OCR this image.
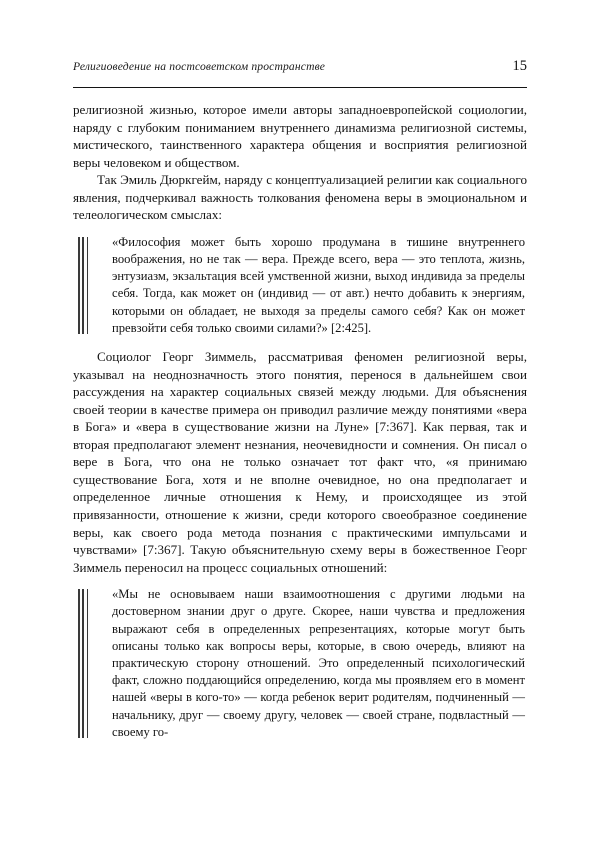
Религиоведение на постсоветском пространстве	15

религиозной жизнью, которое имели авторы западноевропейской социологии, наряду с глубоким пониманием внутреннего динамизма религиозной системы, мистического, таинственного характера общения и восприятия религиозной веры человеком и обществом.

Так Эмиль Дюркгейм, наряду с концептуализацией религии как социального явления, подчеркивал важность толкования феномена веры в эмоциональном и телеологическом смыслах:

«Философия может быть хорошо продумана в тишине внутреннего воображения, но не так — вера. Прежде всего, вера — это теплота, жизнь, энтузиазм, экзальтация всей умственной жизни, выход индивида за пределы себя. Тогда, как может он (индивид — от авт.) нечто добавить к энергиям, которыми он обладает, не выходя за пределы самого себя? Как он может превзойти себя только своими силами?» [2:425].

Социолог Георг Зиммель, рассматривая феномен религиозной веры, указывал на неоднозначность этого понятия, перенося в дальнейшем свои рассуждения на характер социальных связей между людьми. Для объяснения своей теории в качестве примера он приводил различие между понятиями «вера в Бога» и «вера в существование жизни на Луне» [7:367]. Как первая, так и вторая предполагают элемент незнания, неочевидности и сомнения. Он писал о вере в Бога, что она не только означает тот факт что, «я принимаю существование Бога, хотя и не вполне очевидное, но она предполагает и определенное личные отношения к Нему, и происходящее из этой привязанности, отношение к жизни, среди которого своеобразное соединение веры, как своего рода метода познания с практическими импульсами и чувствами» [7:367]. Такую объяснительную схему веры в божественное Георг Зиммель переносил на процесс социальных отношений:

«Мы не основываем наши взаимоотношения с другими людьми на достоверном знании друг о друге. Скорее, наши чувства и предложения выражают себя в определенных репрезентациях, которые могут быть описаны только как вопросы веры, которые, в свою очередь, влияют на практическую сторону отношений. Это определенный психологический факт, сложно поддающийся определению, когда мы проявляем его в момент нашей «веры в кого-то» — когда ребенок верит родителям, подчиненный — начальнику, друг — своему другу, человек — своей стране, подвластный — своему го-
